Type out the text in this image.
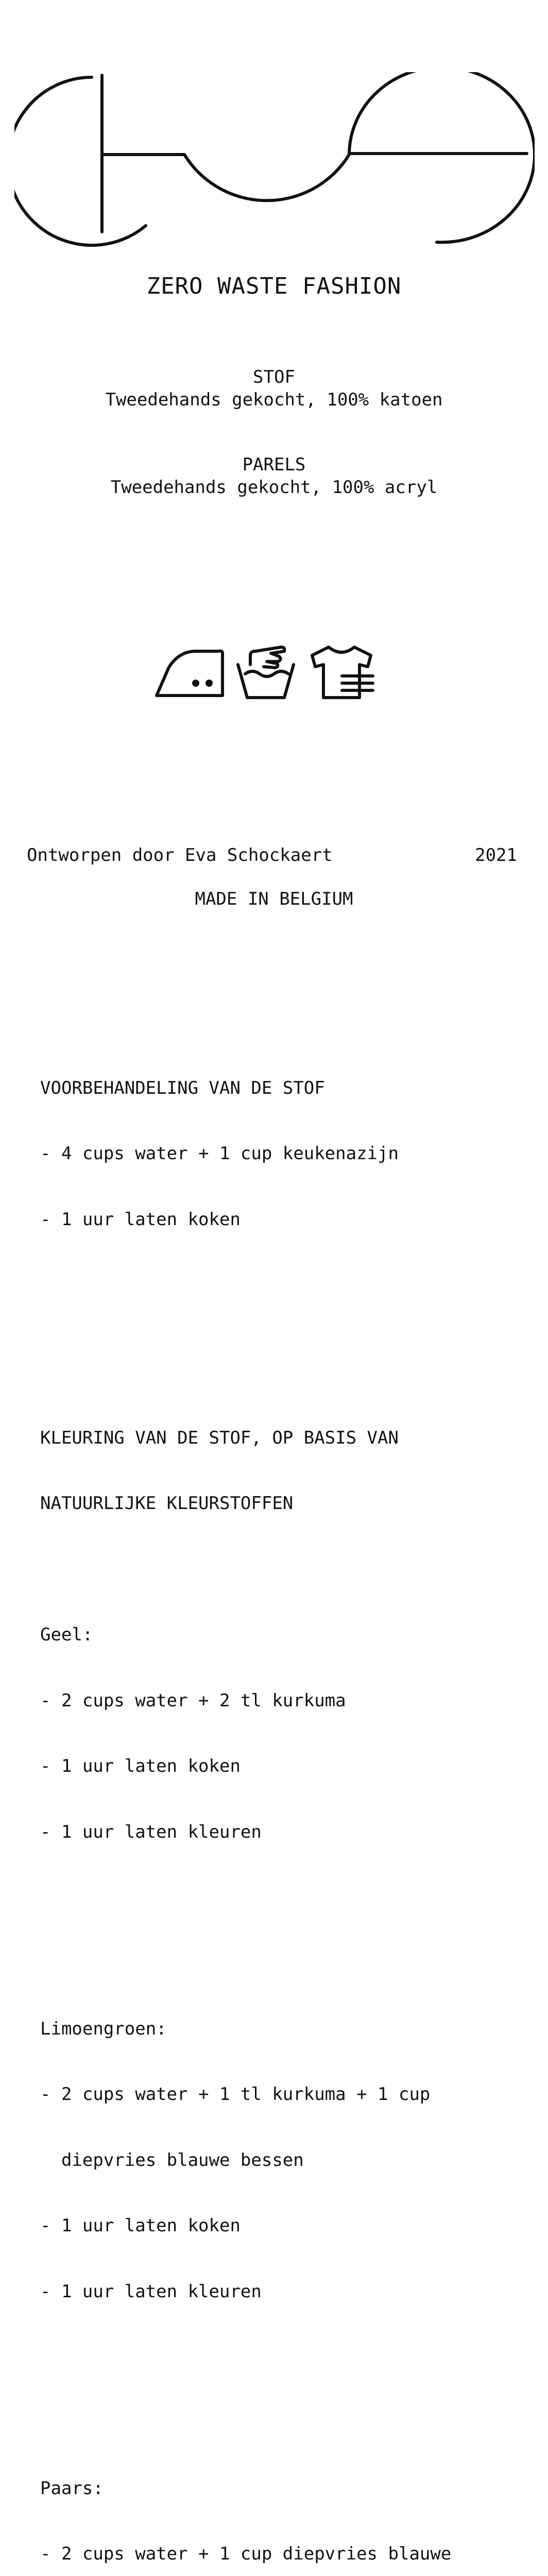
ZERO WASTE FASHION
STOF
Tweedehands gekocht, 100% katoen
PARELS
Tweedehands gekocht, 100% acryl
Ontworpen door Eva Schockaert	2021
MADE IN BELGIUM

VOORBEHANDELING VAN DE STOF

- 4 cups water + 1 cup keukenazijn

- 1 uur laten koken

KLEURING VAN DE STOF, OP BASIS VAN

NATUURLIJKE KLEURSTOFFEN

Geel:

- 2 cups water + 2 tl kurkuma

- 1 uur laten koken

- 1 uur laten kleuren

Limoengroen:

- 2 cups water + 1 tl kurkuma + 1 cup

diepvries blauwe bessen

- 1 uur laten koken

- 1 uur laten kleuren

Paars:

- 2 cups water + 1 cup diepvries blauwe
